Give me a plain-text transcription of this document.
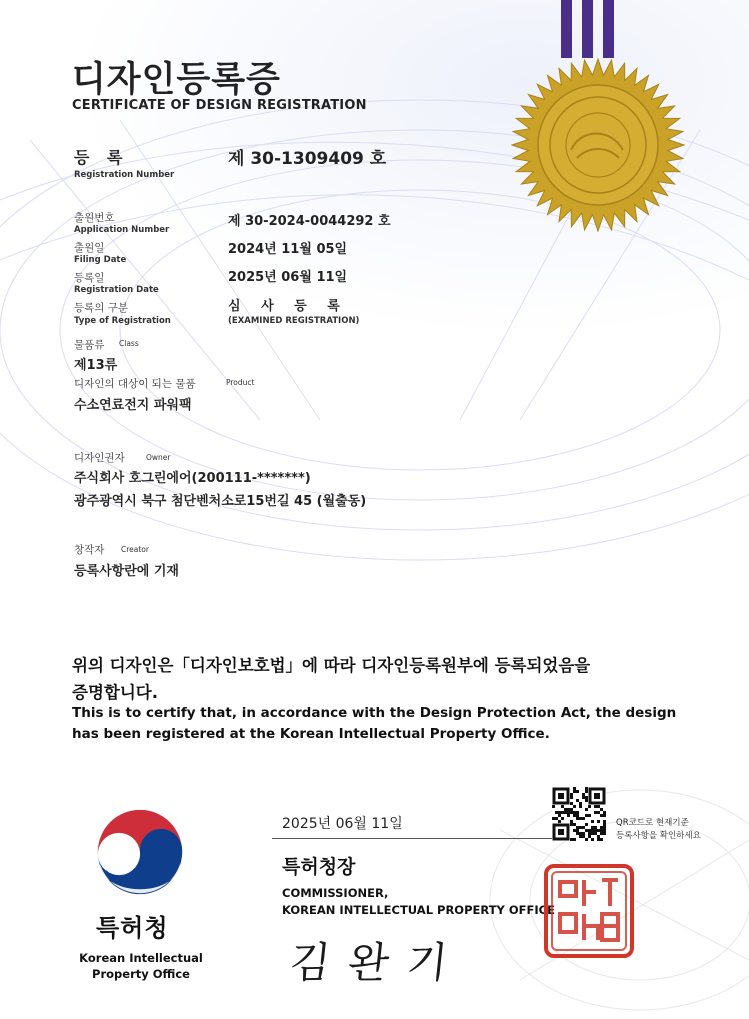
디자인등록증
CERTIFICATE OF DESIGN REGISTRATION
등 록
Registration Number
제 30-1309409 호
출원번호
Application Number
제 30-2024-0044292 호
출원일
Filing Date
2024년 11월 05일
등록일
Registration Date
2025년 06월 11일
등록의 구분
Type of Registration
심 사 등 록
(EXAMINED REGISTRATION)
물품류 Class
제13류
디자인의 대상이 되는 물품	Product
수소연료전지 파워팩
디자인권자	Owner
주식회사 호그린에어(200111-*******)
광주광역시 북구 첨단벤처소로15번길 45 (월출동)
창작자 Creator
등록사항란에 기재
위의 디자인은「디자인보호법」에 따라 디자인등록원부에 등록되었음을
증명합니다.
This is to certify that, in accordance with the Design Protection Act, the design
has been registered at the Korean Intellectual Property Office.
특허청
Korean Intellectual
Property Office
2025년 06월 11일	QR코드로 현재기준
등록사항을 확인하세요
특허청장
COMMISSIONER,
KOREAN INTELLECTUAL PROPERTY OFFICE
김완기
